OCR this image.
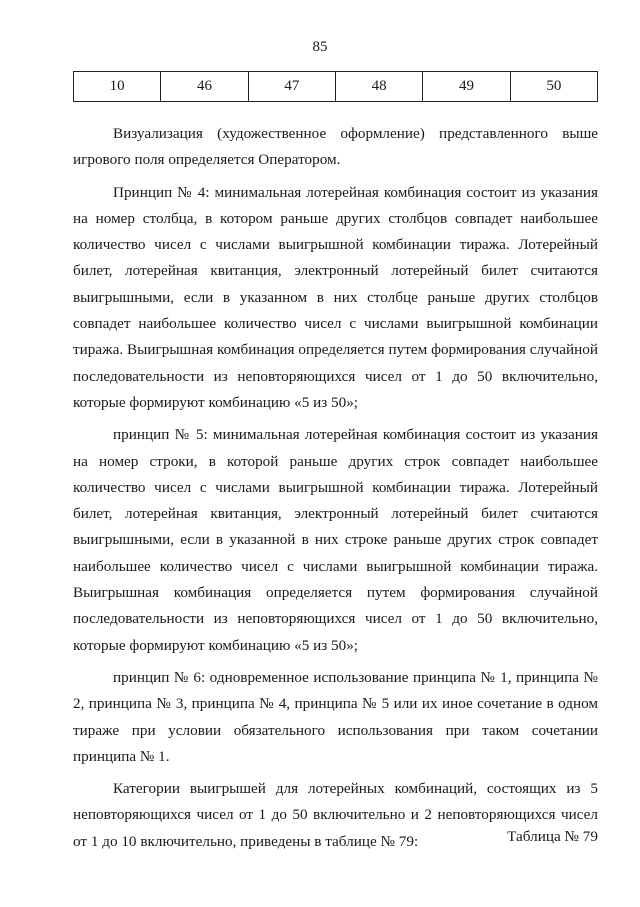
85
10	46	47	48	49	50

Визуализация (художественное оформление) представленного выше игрового поля определяется Оператором.

Принцип № 4: минимальная лотерейная комбинация состоит из указания на номер столбца, в котором раньше других столбцов совпадет наибольшее количество чисел с числами выигрышной комбинации тиража. Лотерейный билет, лотерейная квитанция, электронный лотерейный билет считаются выигрышными, если в указанном в них столбце раньше других столбцов совпадет наибольшее количество чисел с числами выигрышной комбинации тиража. Выигрышная комбинация определяется путем формирования случайной последовательности из неповторяющихся чисел от 1 до 50 включительно, которые формируют комбинацию «5 из 50»;

принцип № 5: минимальная лотерейная комбинация состоит из указания на номер строки, в которой раньше других строк совпадет наибольшее количество чисел с числами выигрышной комбинации тиража. Лотерейный билет, лотерейная квитанция, электронный лотерейный билет считаются выигрышными, если в указанной в них строке раньше других строк совпадет наибольшее количество чисел с числами выигрышной комбинации тиража. Выигрышная комбинация определяется путем формирования случайной последовательности из неповторяющихся чисел от 1 до 50 включительно, которые формируют комбинацию «5 из 50»;

принцип № 6: одновременное использование принципа № 1, принципа № 2, принципа № 3, принципа № 4, принципа № 5 или их иное сочетание в одном тираже при условии обязательного использования при таком сочетании принципа № 1.

Категории выигрышей для лотерейных комбинаций, состоящих из 5 неповторяющихся чисел от 1 до 50 включительно и 2 неповторяющихся чисел от 1 до 10 включительно, приведены в таблице № 79:	Таблица № 79
